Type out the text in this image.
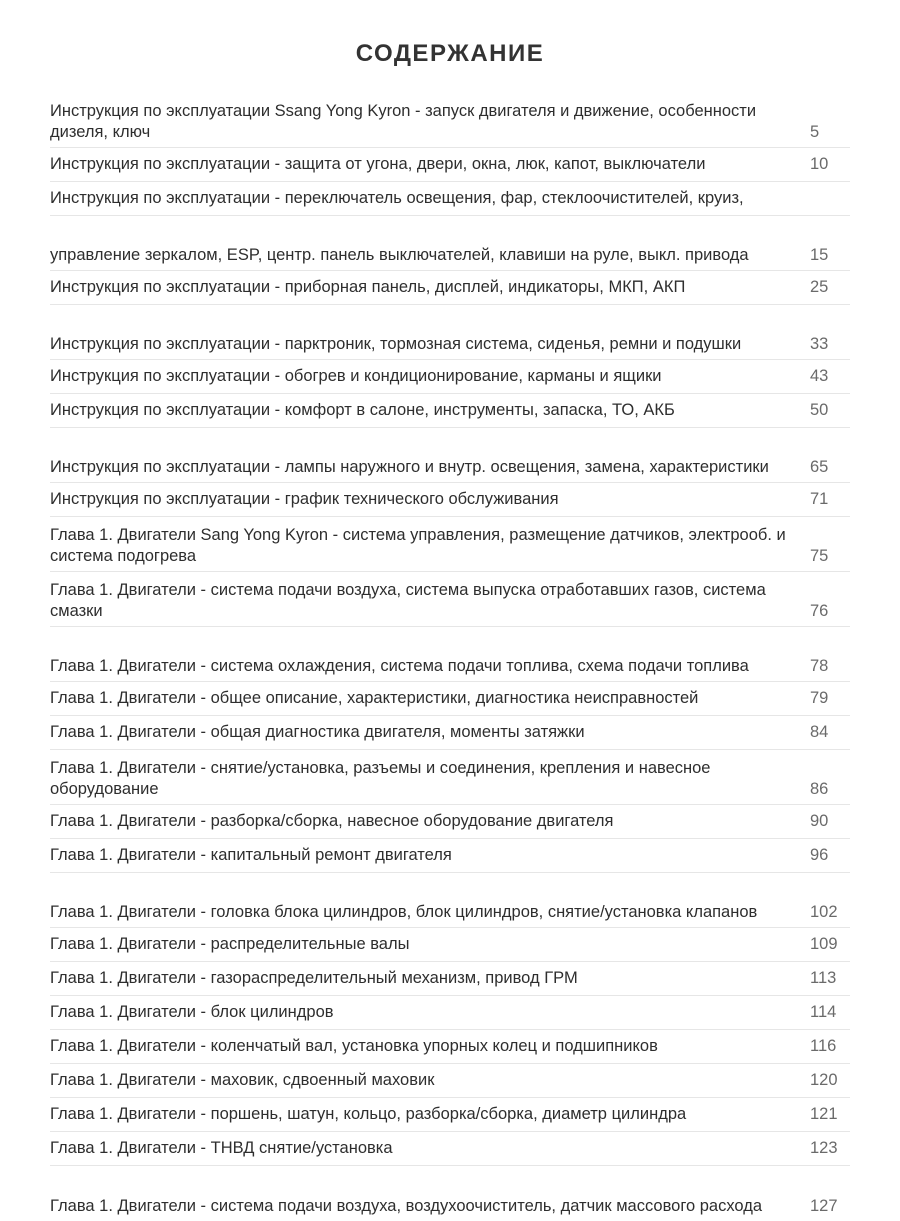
СОДЕРЖАНИЕ
Инструкция по эксплуатации Ssang Yong Kyron - запуск двигателя и движение, особенности дизеля, ключ	5
Инструкция по эксплуатации - защита от угона, двери, окна, люк, капот, выключатели	10
Инструкция по эксплуатации - переключатель освещения, фар, стеклоочистителей, круиз,
управление зеркалом, ESP, центр. панель выключателей, клавиши на руле, выкл. привода	15
Инструкция по эксплуатации - приборная панель, дисплей, индикаторы, МКП, АКП	25
Инструкция по эксплуатации - парктроник, тормозная система, сиденья, ремни и подушки	33
Инструкция по эксплуатации - обогрев и кондиционирование, карманы и ящики	43
Инструкция по эксплуатации - комфорт в салоне, инструменты, запаска, ТО, АКБ	50
Инструкция по эксплуатации - лампы наружного и внутр. освещения, замена, характеристики	65
Инструкция по эксплуатации - график технического обслуживания	71
Глава 1. Двигатели Sang Yong Kyron - система управления, размещение датчиков, электрооб. и система подогрева	75
Глава 1. Двигатели - система подачи воздуха, система выпуска отработавших газов, система смазки	76
Глава 1. Двигатели - система охлаждения, система подачи топлива, схема подачи топлива	78
Глава 1. Двигатели - общее описание, характеристики, диагностика неисправностей	79
Глава 1. Двигатели - общая диагностика двигателя, моменты затяжки	84
Глава 1. Двигатели - снятие/установка, разъемы и соединения, крепления и навесное оборудование	86
Глава 1. Двигатели - разборка/сборка, навесное оборудование двигателя	90
Глава 1. Двигатели - капитальный ремонт двигателя	96
Глава 1. Двигатели - головка блока цилиндров, блок цилиндров, снятие/установка клапанов	102
Глава 1. Двигатели - распределительные валы	109
Глава 1. Двигатели - газораспределительный механизм, привод ГРМ	113
Глава 1. Двигатели - блок цилиндров	114
Глава 1. Двигатели - коленчатый вал, установка упорных колец и подшипников	116
Глава 1. Двигатели - маховик, сдвоенный маховик	120
Глава 1. Двигатели - поршень, шатун, кольцо, разборка/сборка, диаметр цилиндра	121
Глава 1. Двигатели - ТНВД снятие/установка	123
Глава 1. Двигатели - система подачи воздуха, воздухоочиститель, датчик массового расхода	127
